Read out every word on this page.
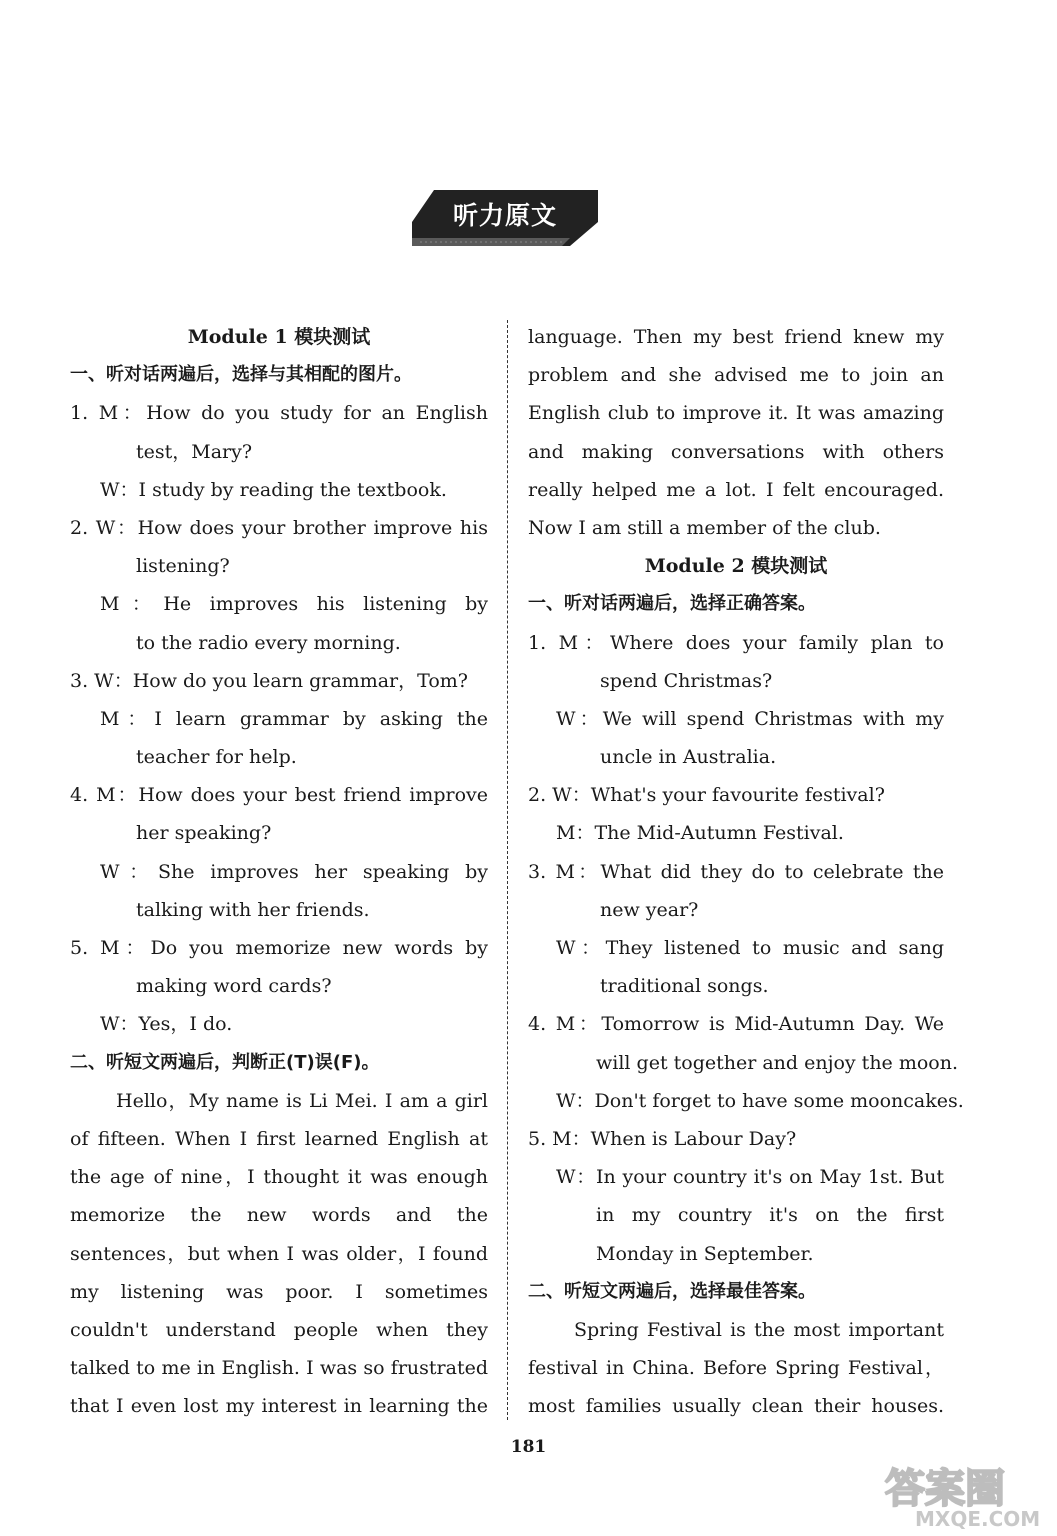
听力原文
Module 1 模块测试
一、听对话两遍后，选择与其相配的图片。
1. M：How do you study for an English
test，Mary?
W：I study by reading the textbook.
2. W：How does your brother improve his
listening?
M：He improves his listening by
to the radio every morning.
3. W：How do you learn grammar，Tom?
M：I learn grammar by asking the
teacher for help.
4. M：How does your best friend improve
her speaking?
W：She improves her speaking by
talking with her friends.
5. M：Do you memorize new words by
making word cards?
W：Yes，I do.
二、听短文两遍后，判断正(T)误(F)。
Hello，My name is Li Mei. I am a girl
of fifteen. When I first learned English at
the age of nine，I thought it was enough
memorize the new words and the
sentences，but when I was older，I found
my listening was poor. I sometimes
couldn't understand people when they
talked to me in English. I was so frustrated
that I even lost my interest in learning the
language. Then my best friend knew my
problem and she advised me to join an
English club to improve it. It was amazing
and making conversations with others
really helped me a lot. I felt encouraged.
Now I am still a member of the club.
Module 2 模块测试
一、听对话两遍后，选择正确答案。
1. M：Where does your family plan to
spend Christmas?
W：We will spend Christmas with my
uncle in Australia.
2. W：What's your favourite festival?
M：The Mid-Autumn Festival.
3. M：What did they do to celebrate the
new year?
W：They listened to music and sang
traditional songs.
4. M：Tomorrow is Mid-Autumn Day. We
will get together and enjoy the moon.
W：Don't forget to have some mooncakes.
5. M：When is Labour Day?
W：In your country it's on May 1st. But
in my country it's on the first
Monday in September.
二、听短文两遍后，选择最佳答案。
Spring Festival is the most important
festival in China. Before Spring Festival，
most families usually clean their houses.
181
答案圈
MXQE.COM
